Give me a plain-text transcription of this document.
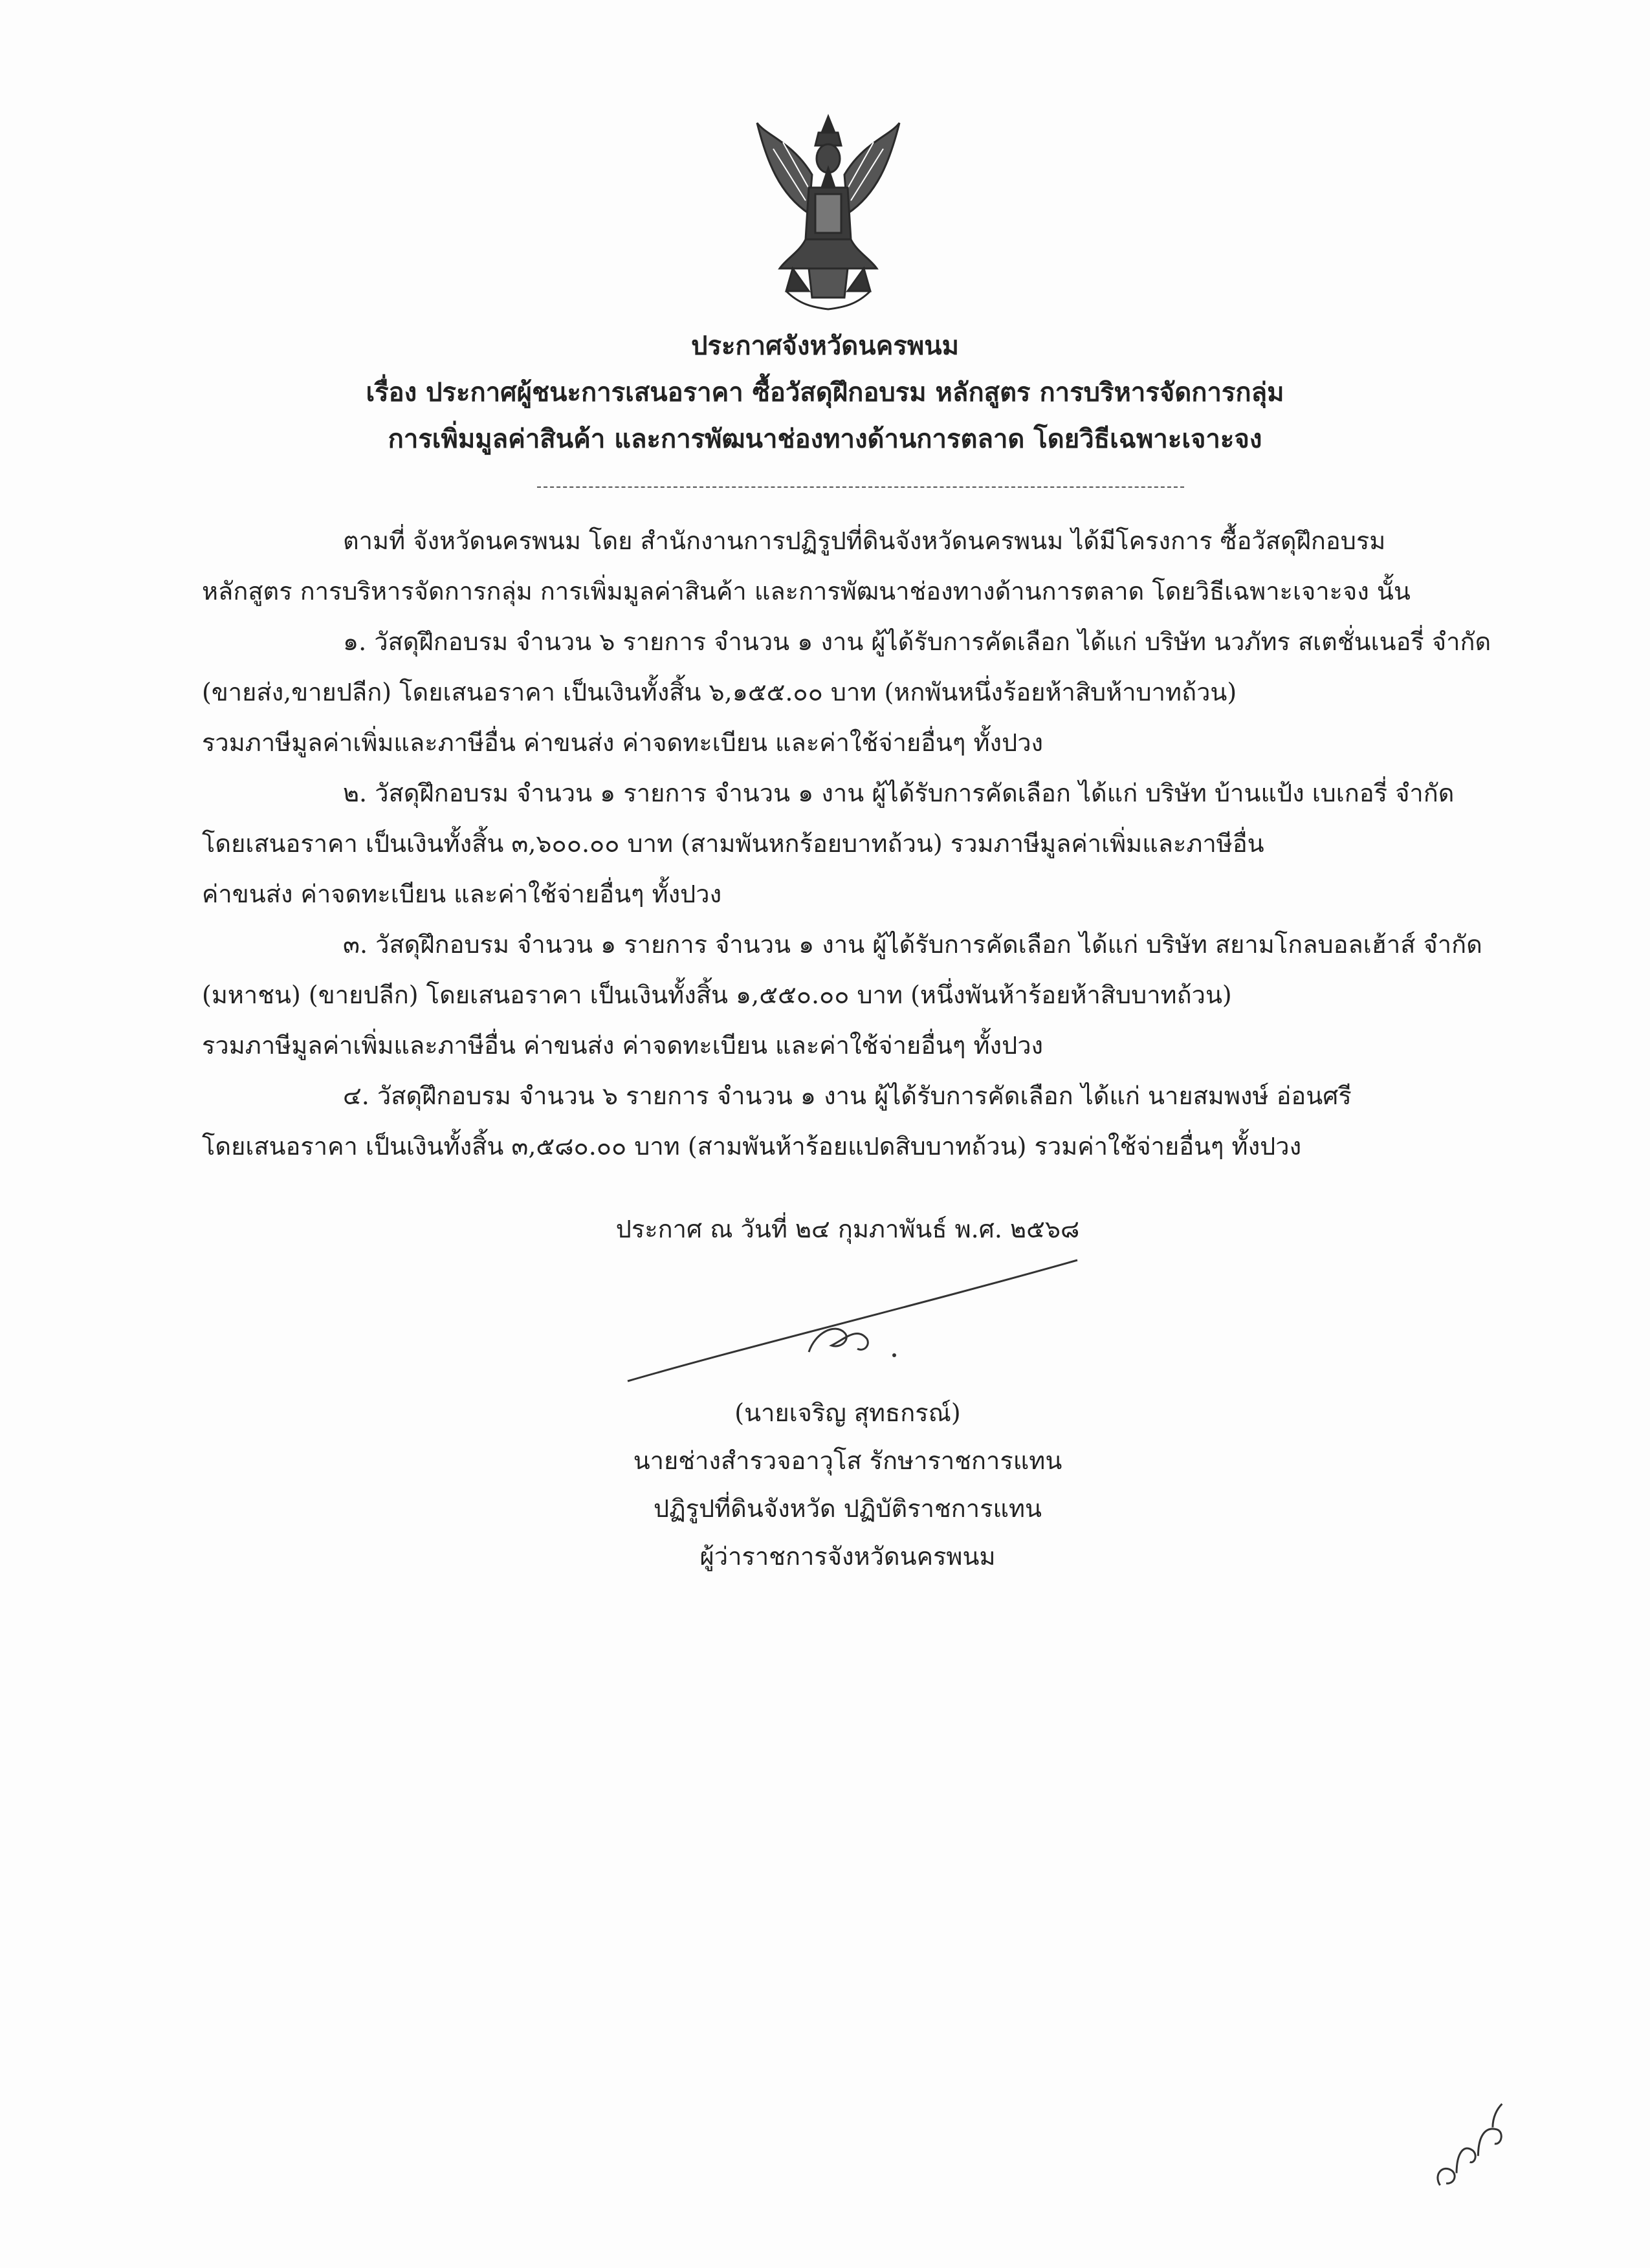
ประกาศจังหวัดนครพนม
เรื่อง ประกาศผู้ชนะการเสนอราคา ซื้อวัสดุฝึกอบรม หลักสูตร การบริหารจัดการกลุ่ม
การเพิ่มมูลค่าสินค้า และการพัฒนาช่องทางด้านการตลาด โดยวิธีเฉพาะเจาะจง
ตามที่ จังหวัดนครพนม โดย สำนักงานการปฏิรูปที่ดินจังหวัดนครพนม ได้มีโครงการ ซื้อวัสดุฝึกอบรม
หลักสูตร การบริหารจัดการกลุ่ม การเพิ่มมูลค่าสินค้า และการพัฒนาช่องทางด้านการตลาด โดยวิธีเฉพาะเจาะจง นั้น
๑. วัสดุฝึกอบรม จำนวน ๖ รายการ จำนวน ๑ งาน ผู้ได้รับการคัดเลือก ได้แก่ บริษัท นวภัทร สเตชั่นเนอรี่ จำกัด
(ขายส่ง,ขายปลีก) โดยเสนอราคา เป็นเงินทั้งสิ้น ๖,๑๕๕.๐๐ บาท (หกพันหนึ่งร้อยห้าสิบห้าบาทถ้วน)
รวมภาษีมูลค่าเพิ่มและภาษีอื่น ค่าขนส่ง ค่าจดทะเบียน และค่าใช้จ่ายอื่นๆ ทั้งปวง
๒. วัสดุฝึกอบรม จำนวน ๑ รายการ จำนวน ๑ งาน ผู้ได้รับการคัดเลือก ได้แก่ บริษัท บ้านแป้ง เบเกอรี่ จำกัด
โดยเสนอราคา เป็นเงินทั้งสิ้น ๓,๖๐๐.๐๐ บาท (สามพันหกร้อยบาทถ้วน) รวมภาษีมูลค่าเพิ่มและภาษีอื่น
ค่าขนส่ง ค่าจดทะเบียน และค่าใช้จ่ายอื่นๆ ทั้งปวง
๓. วัสดุฝึกอบรม จำนวน ๑ รายการ จำนวน ๑ งาน ผู้ได้รับการคัดเลือก ได้แก่ บริษัท สยามโกลบอลเฮ้าส์ จำกัด
(มหาชน) (ขายปลีก) โดยเสนอราคา เป็นเงินทั้งสิ้น ๑,๕๕๐.๐๐ บาท (หนึ่งพันห้าร้อยห้าสิบบาทถ้วน)
รวมภาษีมูลค่าเพิ่มและภาษีอื่น ค่าขนส่ง ค่าจดทะเบียน และค่าใช้จ่ายอื่นๆ ทั้งปวง
๔. วัสดุฝึกอบรม จำนวน ๖ รายการ จำนวน ๑ งาน ผู้ได้รับการคัดเลือก ได้แก่ นายสมพงษ์ อ่อนศรี
โดยเสนอราคา เป็นเงินทั้งสิ้น ๓,๕๘๐.๐๐ บาท (สามพันห้าร้อยแปดสิบบาทถ้วน) รวมค่าใช้จ่ายอื่นๆ ทั้งปวง
ประกาศ ณ วันที่ ๒๔ กุมภาพันธ์ พ.ศ. ๒๕๖๘
(นายเจริญ สุทธกรณ์)
นายช่างสำรวจอาวุโส รักษาราชการแทน
ปฏิรูปที่ดินจังหวัด ปฏิบัติราชการแทน
ผู้ว่าราชการจังหวัดนครพนม
